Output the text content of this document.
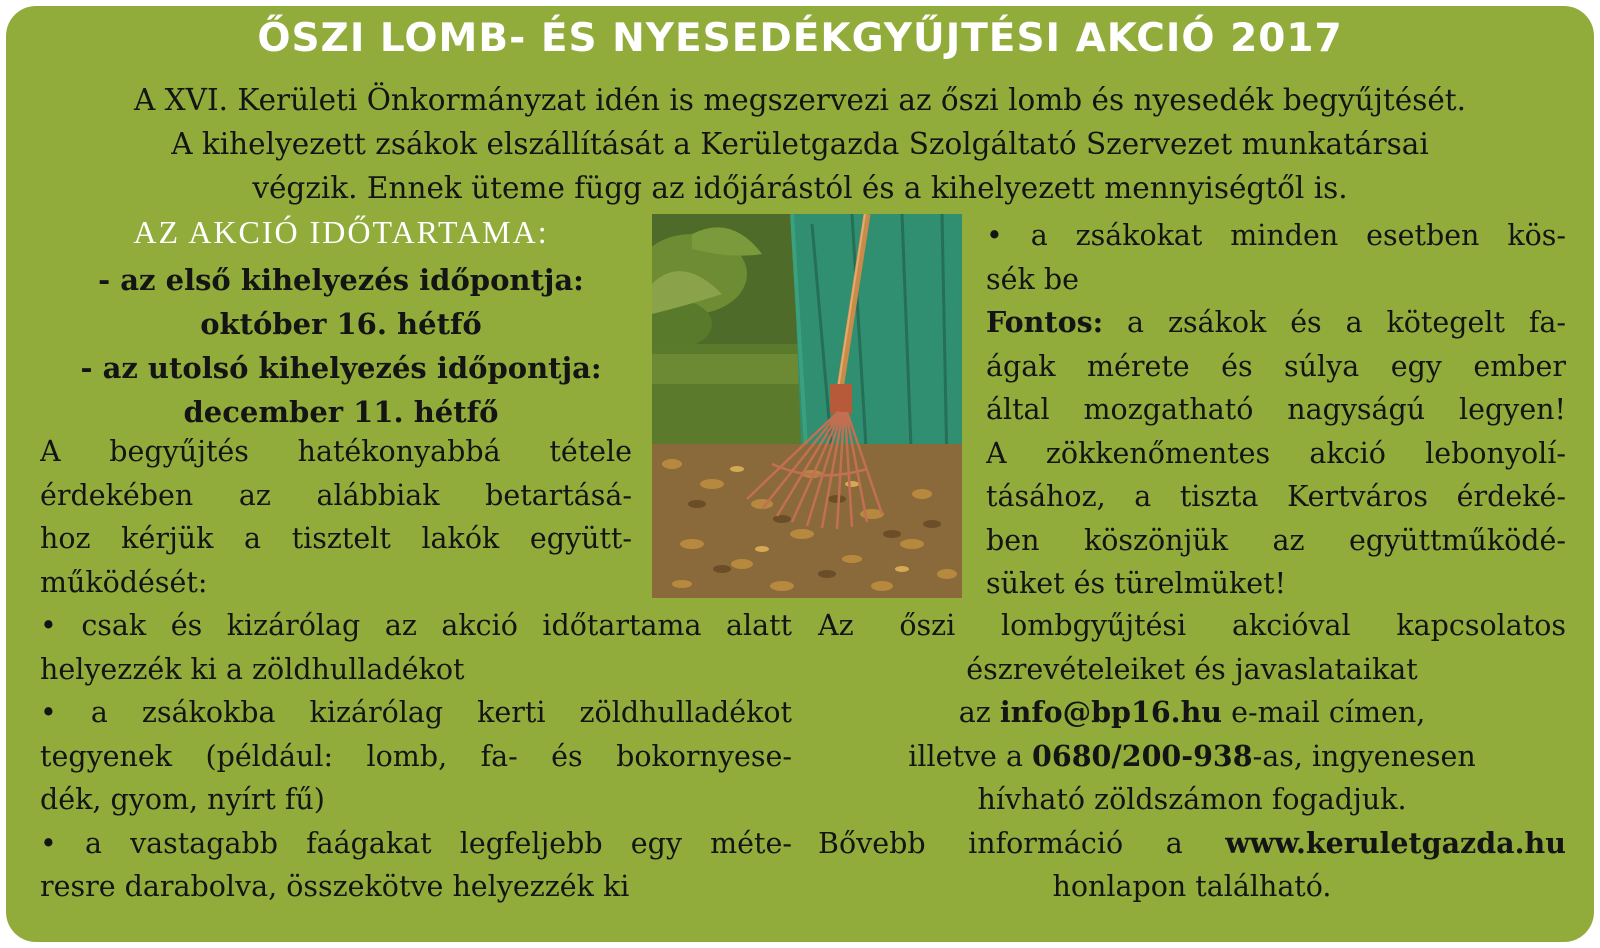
ŐSZI LOMB- ÉS NYESEDÉKGYŰJTÉSI AKCIÓ 2017
A XVI. Kerületi Önkormányzat idén is megszervezi az őszi lomb és nyesedék begyűjtését.
A kihelyezett zsákok elszállítását a Kerületgazda Szolgáltató Szervezet munkatársai
végzik. Ennek üteme függ az időjárástól és a kihelyezett mennyiségtől is.
AZ AKCIÓ IDŐTARTAMA:
- az első kihelyezés időpontja:
október 16. hétfő
- az utolsó kihelyezés időpontja:
december 11. hétfő
A begyűjtés hatékonyabbá tétele
érdekében az alábbiak betartásá-
hoz kérjük a tisztelt lakók együtt-
működését:
• a zsákokat minden esetben kös-
sék be
Fontos: a zsákok és a kötegelt fa-
ágak mérete és súlya egy ember
által mozgatható nagyságú legyen!
A zökkenőmentes akció lebonyolí-
tásához, a tiszta Kertváros érdeké-
ben köszönjük az együttműködé-
süket és türelmüket!
• csak és kizárólag az akció időtartama alatt
helyezzék ki a zöldhulladékot
• a zsákokba kizárólag kerti zöldhulladékot
tegyenek (például: lomb, fa- és bokornyese-
dék, gyom, nyírt fű)
• a vastagabb faágakat legfeljebb egy méte-
resre darabolva, összekötve helyezzék ki
Az őszi lombgyűjtési akcióval kapcsolatos
észrevételeiket és javaslataikat
az info@bp16.hu e-mail címen,
illetve a 0680/200-938-as, ingyenesen
hívható zöldszámon fogadjuk.
Bővebb információ a www.keruletgazda.hu
honlapon található.
